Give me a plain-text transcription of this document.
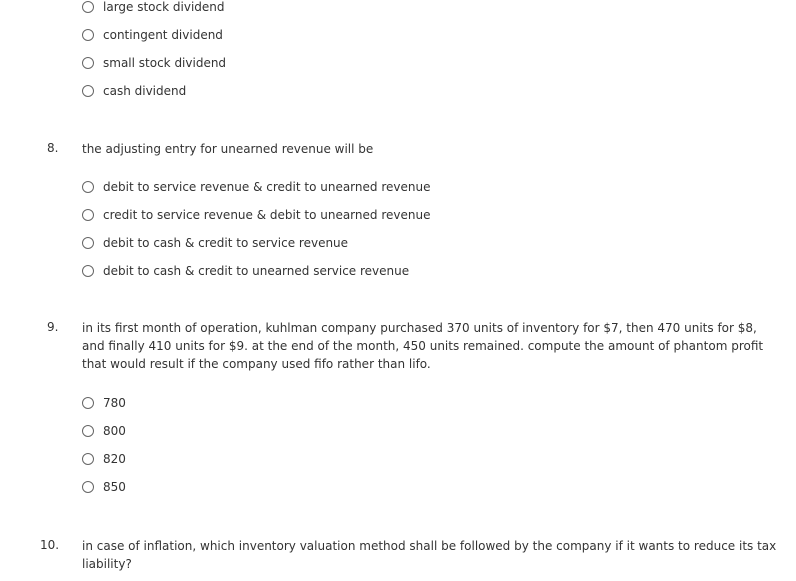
large stock dividend
contingent dividend
small stock dividend
cash dividend
8. the adjusting entry for unearned revenue will be
debit to service revenue & credit to unearned revenue
credit to service revenue & debit to unearned revenue
debit to cash & credit to service revenue
debit to cash & credit to unearned service revenue
9. in its first month of operation, kuhlman company purchased 370 units of inventory for $7, then 470 units for $8, and finally 410 units for $9. at the end of the month, 450 units remained. compute the amount of phantom profit that would result if the company used fifo rather than lifo.
780
800
820
850
10. in case of inflation, which inventory valuation method shall be followed by the company if it wants to reduce its tax liability?
